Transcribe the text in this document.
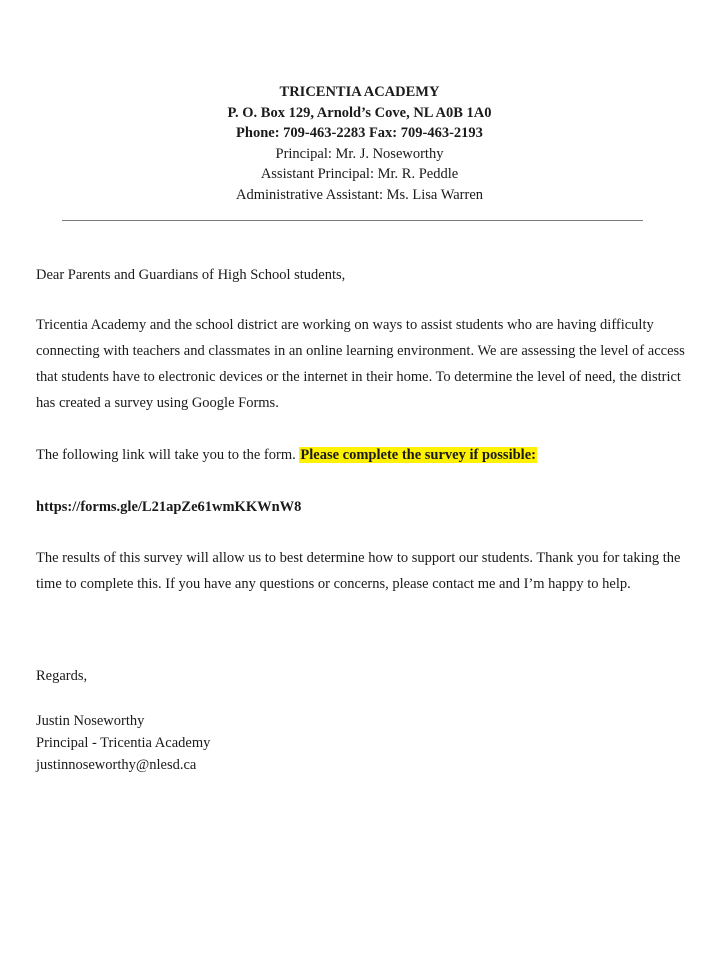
TRICENTIA ACADEMY
P. O. Box 129, Arnold’s Cove, NL A0B 1A0
Phone: 709-463-2283 Fax: 709-463-2193
Principal: Mr. J. Noseworthy
Assistant Principal: Mr. R. Peddle
Administrative Assistant: Ms. Lisa Warren

Dear Parents and Guardians of High School students,

Tricentia Academy and the school district are working on ways to assist students who are having difficulty connecting with teachers and classmates in an online learning environment. We are assessing the level of access that students have to electronic devices or the internet in their home. To determine the level of need, the district has created a survey using Google Forms.

The following link will take you to the form. Please complete the survey if possible:

https://forms.gle/L21apZe61wmKKWnW8

The results of this survey will allow us to best determine how to support our students. Thank you for taking the time to complete this. If you have any questions or concerns, please contact me and I’m happy to help.

Regards,

Justin Noseworthy
Principal - Tricentia Academy
justinnoseworthy@nlesd.ca
